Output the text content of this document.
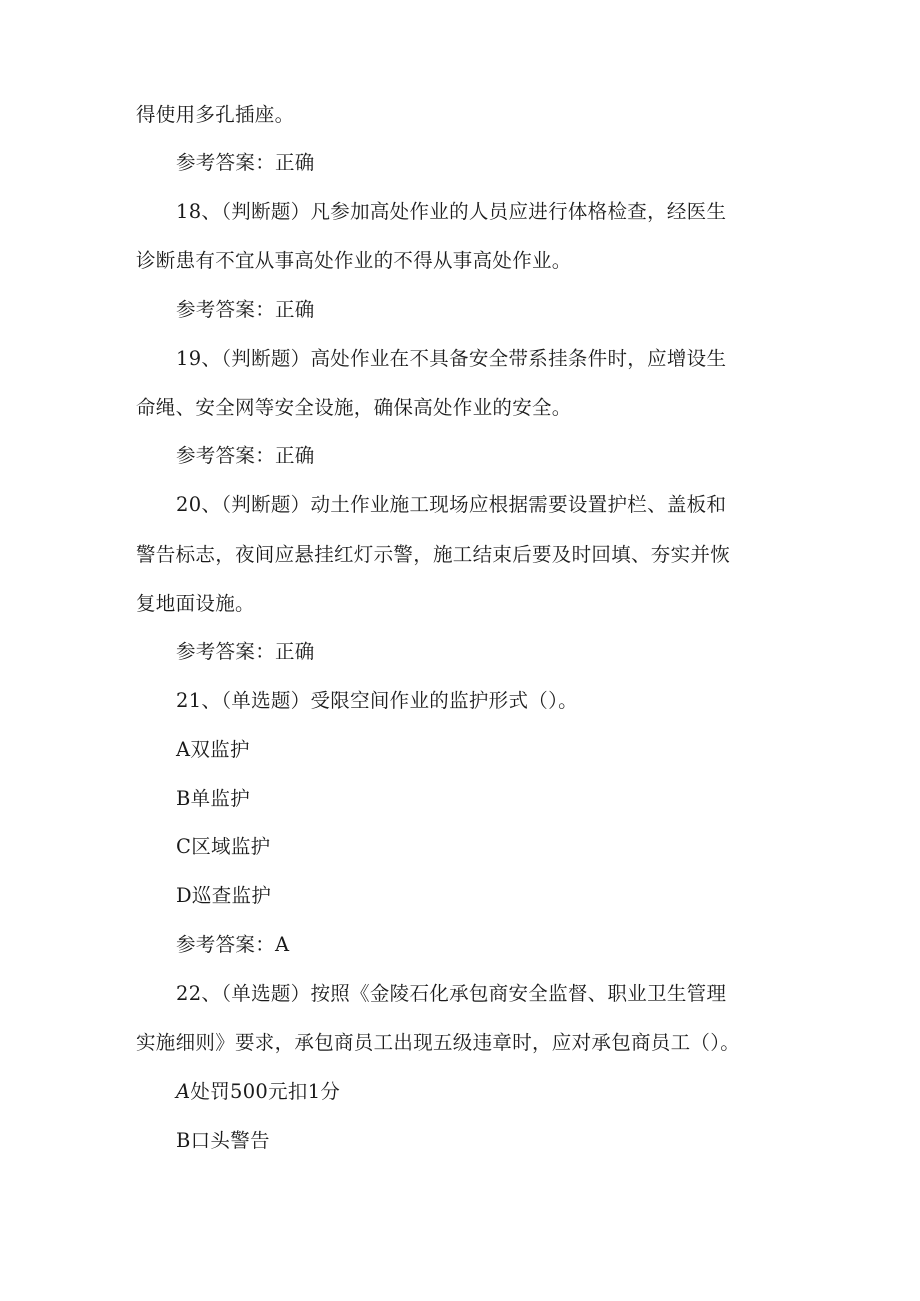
得使用多孔插座。
参考答案：正确
18、（判断题）凡参加高处作业的人员应进行体格检查，经医生
诊断患有不宜从事高处作业的不得从事高处作业。
参考答案：正确
19、（判断题）高处作业在不具备安全带系挂条件时，应增设生
命绳、安全网等安全设施，确保高处作业的安全。
参考答案：正确
20、（判断题）动土作业施工现场应根据需要设置护栏、盖板和
警告标志，夜间应悬挂红灯示警，施工结束后要及时回填、夯实并恢
复地面设施。
参考答案：正确
21、（单选题）受限空间作业的监护形式（）。
A双监护
B单监护
C区域监护
D巡查监护
参考答案：A
22、（单选题）按照《金陵石化承包商安全监督、职业卫生管理
实施细则》要求，承包商员工出现五级违章时，应对承包商员工（）。
A处罚500元扣1分
B口头警告
